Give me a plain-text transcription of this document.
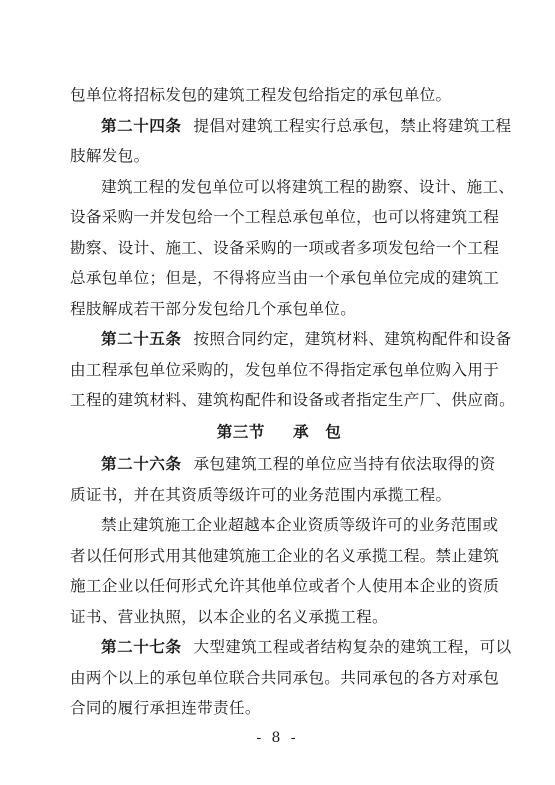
包单位将招标发包的建筑工程发包给指定的承包单位。
第二十四条 提倡对建筑工程实行总承包，禁止将建筑工程
肢解发包。
建筑工程的发包单位可以将建筑工程的勘察、设计、施工、
设备采购一并发包给一个工程总承包单位，也可以将建筑工程
勘察、设计、施工、设备采购的一项或者多项发包给一个工程
总承包单位；但是，不得将应当由一个承包单位完成的建筑工
程肢解成若干部分发包给几个承包单位。
第二十五条 按照合同约定，建筑材料、建筑构配件和设备
由工程承包单位采购的，发包单位不得指定承包单位购入用于
工程的建筑材料、建筑构配件和设备或者指定生产厂、供应商。
第三节 承　包
第二十六条 承包建筑工程的单位应当持有依法取得的资
质证书，并在其资质等级许可的业务范围内承揽工程。
禁止建筑施工企业超越本企业资质等级许可的业务范围或
者以任何形式用其他建筑施工企业的名义承揽工程。禁止建筑
施工企业以任何形式允许其他单位或者个人使用本企业的资质
证书、营业执照，以本企业的名义承揽工程。
第二十七条 大型建筑工程或者结构复杂的建筑工程，可以
由两个以上的承包单位联合共同承包。共同承包的各方对承包
合同的履行承担连带责任。
- 8 -
